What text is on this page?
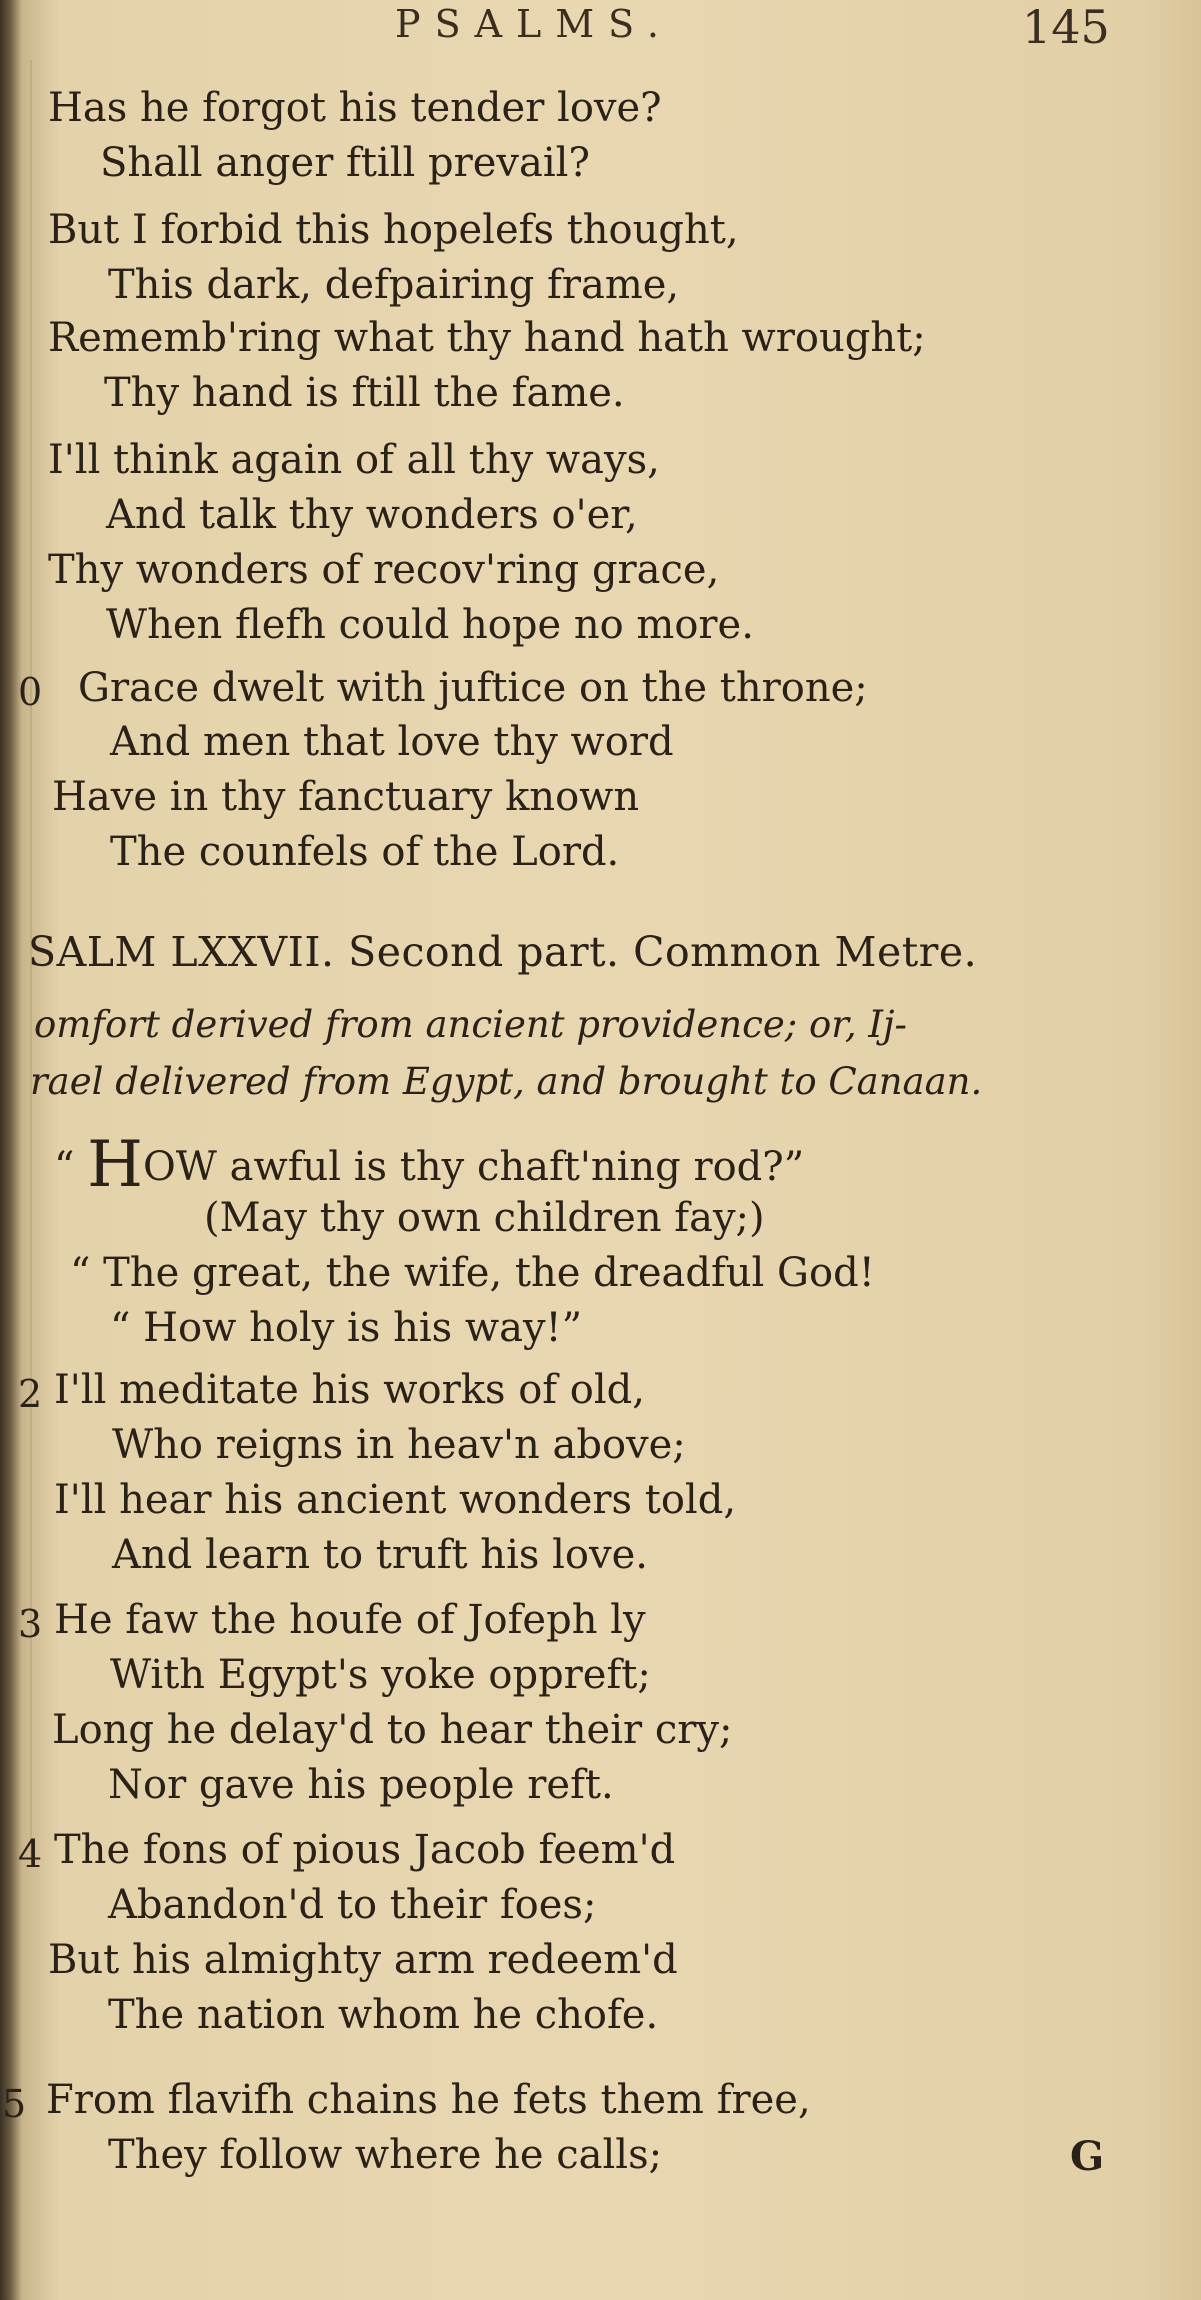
PSALMS.	145
Has he forgot his tender love?
Shall anger ftill prevail?
But I forbid this hopelefs thought,
This dark, defpairing frame,
Rememb'ring what thy hand hath wrought;
Thy hand is ftill the fame.
I'll think again of all thy ways,
And talk thy wonders o'er,
Thy wonders of recov'ring grace,
When flefh could hope no more.
0 Grace dwelt with juftice on the throne;
And men that love thy word
Have in thy fanctuary known
The counfels of the Lord.
SALM LXXVII. Second part. Common Metre.
omfort derived from ancient providence; or, Ij-
rael delivered from Egypt, and brought to Canaan.
“ HOW awful is thy chaft'ning rod?”
(May thy own children fay;)
“ The great, the wife, the dreadful God!
“ How holy is his way!”
2 I'll meditate his works of old,
Who reigns in heav'n above;
I'll hear his ancient wonders told,
And learn to truft his love.
3 He faw the houfe of Jofeph ly
With Egypt's yoke oppreft;
Long he delay'd to hear their cry;
Nor gave his people reft.
4 The fons of pious Jacob feem'd
Abandon'd to their foes;
But his almighty arm redeem'd
The nation whom he chofe.
5 From flavifh chains he fets them free,
They follow where he calls;	G
